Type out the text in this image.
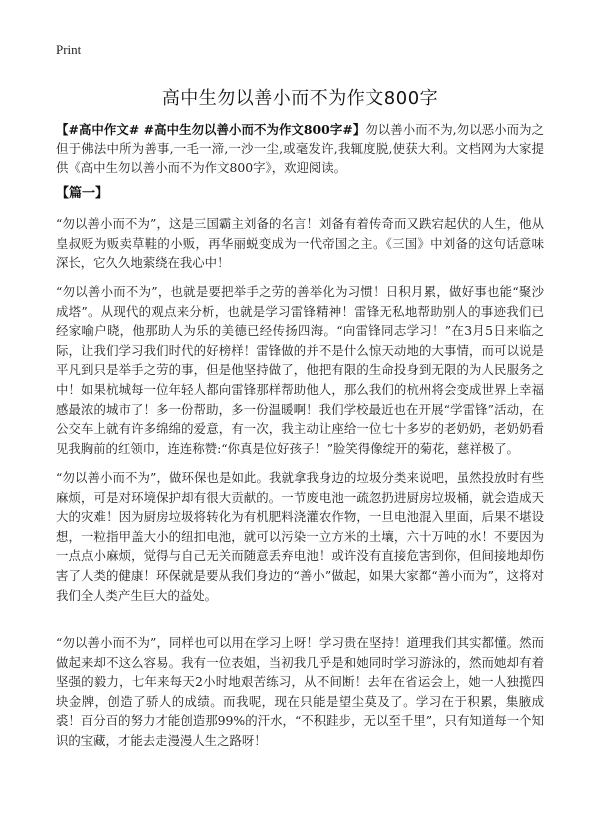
Print
高中生勿以善小而不为作文800字
【#高中作文# #高中生勿以善小而不为作文800字#】勿以善小而不为,勿以恶小而为之 但于佛法中所为善事,一毛一渧,一沙一尘,或毫发许,我辄度脱,使获大利。文档网为大家提供《高中生勿以善小而不为作文800字》，欢迎阅读。
【篇一】

“勿以善小而不为”，这是三国霸主刘备的名言！刘备有着传奇而又跌宕起伏的人生，他从皇叔贬为贩卖草鞋的小贩，再华丽蜕变成为一代帝国之主。《三国》中刘备的这句话意味深长，它久久地萦绕在我心中！

“勿以善小而不为”，也就是要把举手之劳的善举化为习惯！日积月累，做好事也能“聚沙成塔”。从现代的观点来分析，也就是学习雷锋精神！雷锋无私地帮助别人的事迹我们已经家喻户晓，他那助人为乐的美德已经传扬四海。“向雷锋同志学习！”在3月5日来临之际，让我们学习我们时代的好榜样！雷锋做的并不是什么惊天动地的大事情，而可以说是平凡到只是举手之劳的事，但是他坚持做了，他把有限的生命投身到无限的为人民服务之中！如果杭城每一位年轻人都向雷锋那样帮助他人，那么我们的杭州将会变成世界上幸福感最浓的城市了！多一份帮助，多一份温暖啊！我们学校最近也在开展“学雷锋”活动，在公交车上就有许多绵绵的爱意，有一次，我主动让座给一位七十多岁的老奶奶，老奶奶看见我胸前的红领巾，连连称赞:“你真是位好孩子！”脸笑得像绽开的菊花，慈祥极了。

“勿以善小而不为”，做环保也是如此。我就拿我身边的垃圾分类来说吧，虽然投放时有些麻烦，可是对环境保护却有很大贡献的。一节废电池一疏忽扔进厨房垃圾桶，就会造成天大的灾难！因为厨房垃圾将转化为有机肥料浇灌农作物，一旦电池混入里面，后果不堪设想，一粒指甲盖大小的纽扣电池，就可以污染一立方米的土壤，六十万吨的水！不要因为一点点小麻烦，觉得与自己无关而随意丢弃电池！或许没有直接危害到你，但间接地却伤害了人类的健康！环保就是要从我们身边的“善小”做起，如果大家都“善小而为”，这将对我们全人类产生巨大的益处。

“勿以善小而不为”，同样也可以用在学习上呀！学习贵在坚持！道理我们其实都懂。然而做起来却不这么容易。我有一位表姐，当初我几乎是和她同时学习游泳的，然而她却有着坚强的毅力，七年来每天2小时地艰苦练习，从不间断！去年在省运会上，她一人独揽四块金牌，创造了骄人的成绩。而我呢，现在只能是望尘莫及了。学习在于积累，集腋成裘！百分百的努力才能创造那99%的汗水，“不积跬步，无以至千里”，只有知道每一个知识的宝藏，才能去走漫漫人生之路呀！
